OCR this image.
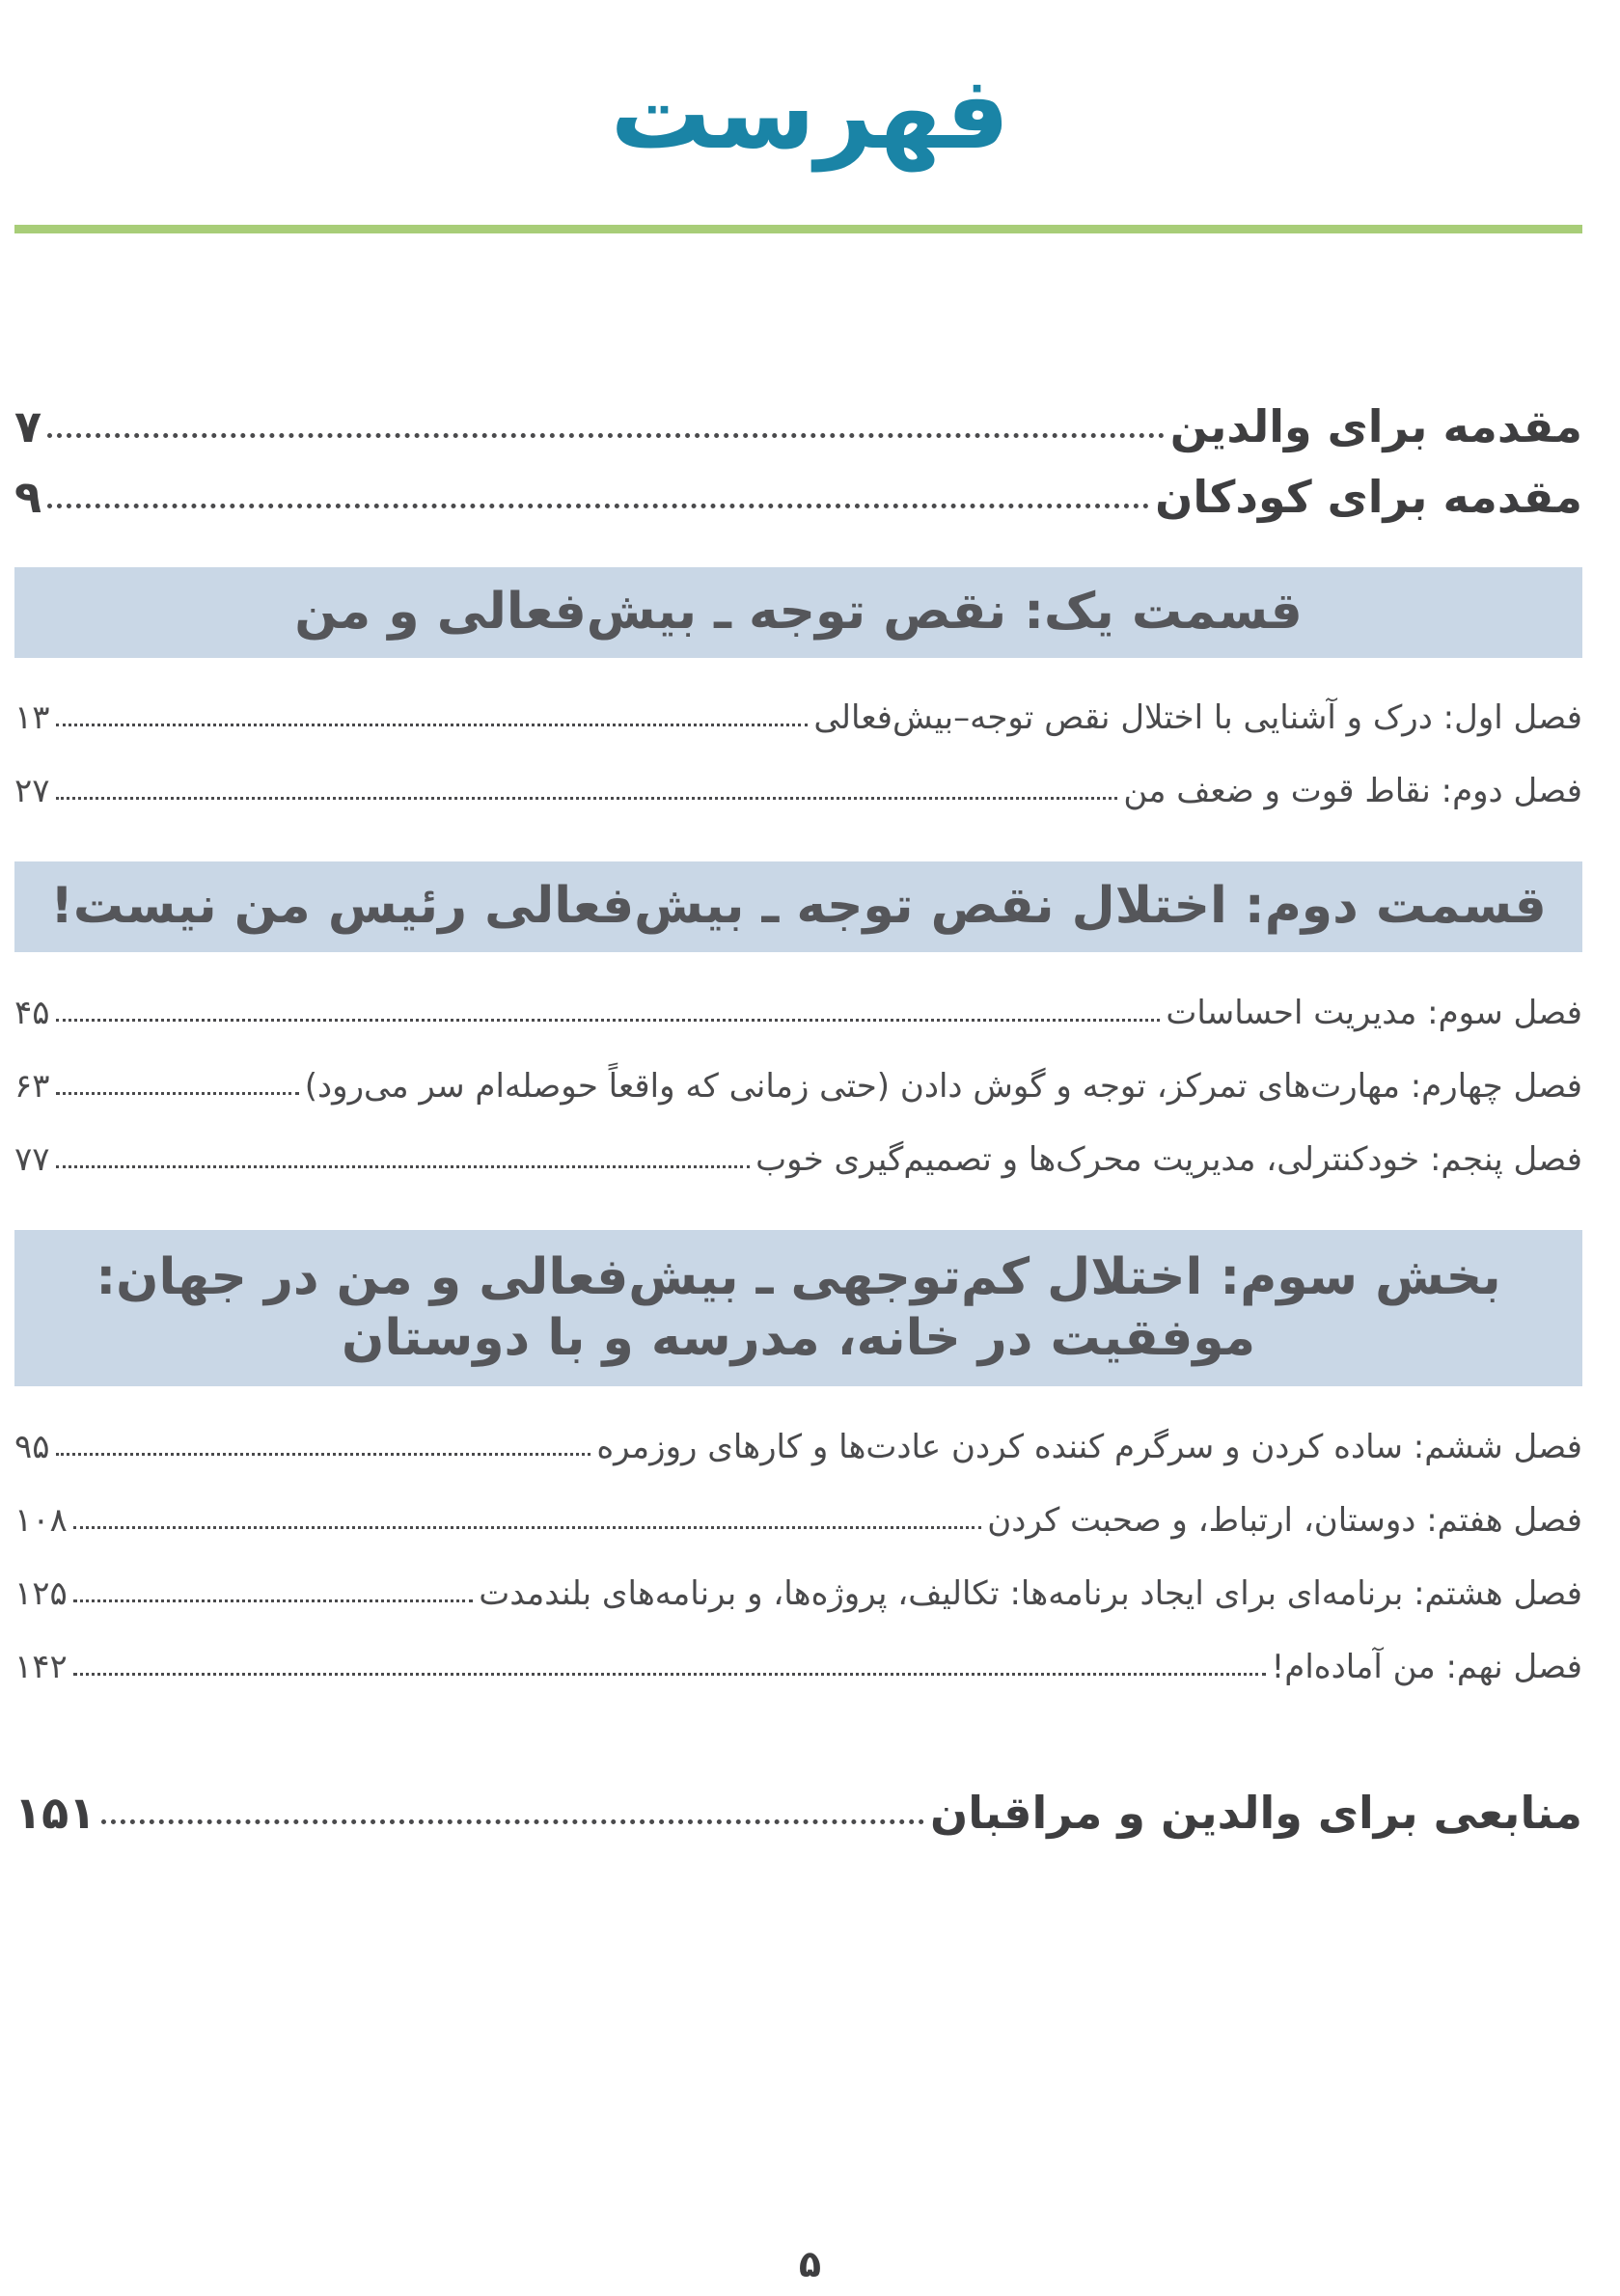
فهرست
مقدمه برای والدین
۷
مقدمه برای کودکان
۹
قسمت یک: نقص توجه ـ بیش‌فعالی و من
فصل اول: درک و آشنایی با اختلال نقص توجه–بیش‌فعالی
۱۳
فصل دوم: نقاط قوت و ضعف من
۲۷
قسمت دوم: اختلال نقص توجه ـ بیش‌فعالی رئیس من نیست!
فصل سوم: مدیریت احساسات
۴۵
فصل چهارم: مهارت‌های تمرکز، توجه و گوش دادن (حتی زمانی که واقعاً حوصله‌ام سر می‌رود)
۶۳
فصل پنجم: خودکنترلی، مدیریت محرک‌ها و تصمیم‌گیری خوب
۷۷
بخش سوم: اختلال کم‌توجهی ـ بیش‌فعالی و من در جهان:
موفقیت در خانه، مدرسه و با دوستان
فصل ششم: ساده کردن و سرگرم کننده کردن عادت‌ها و کارهای روزمره
۹۵
فصل هفتم: دوستان، ارتباط، و صحبت کردن
۱۰۸
فصل هشتم: برنامه‌ای برای ایجاد برنامه‌ها: تکالیف، پروژه‌ها، و برنامه‌های بلندمدت
۱۲۵
فصل نهم: من آماده‌ام!
۱۴۲
منابعی برای والدین و مراقبان
۱۵۱
۵
